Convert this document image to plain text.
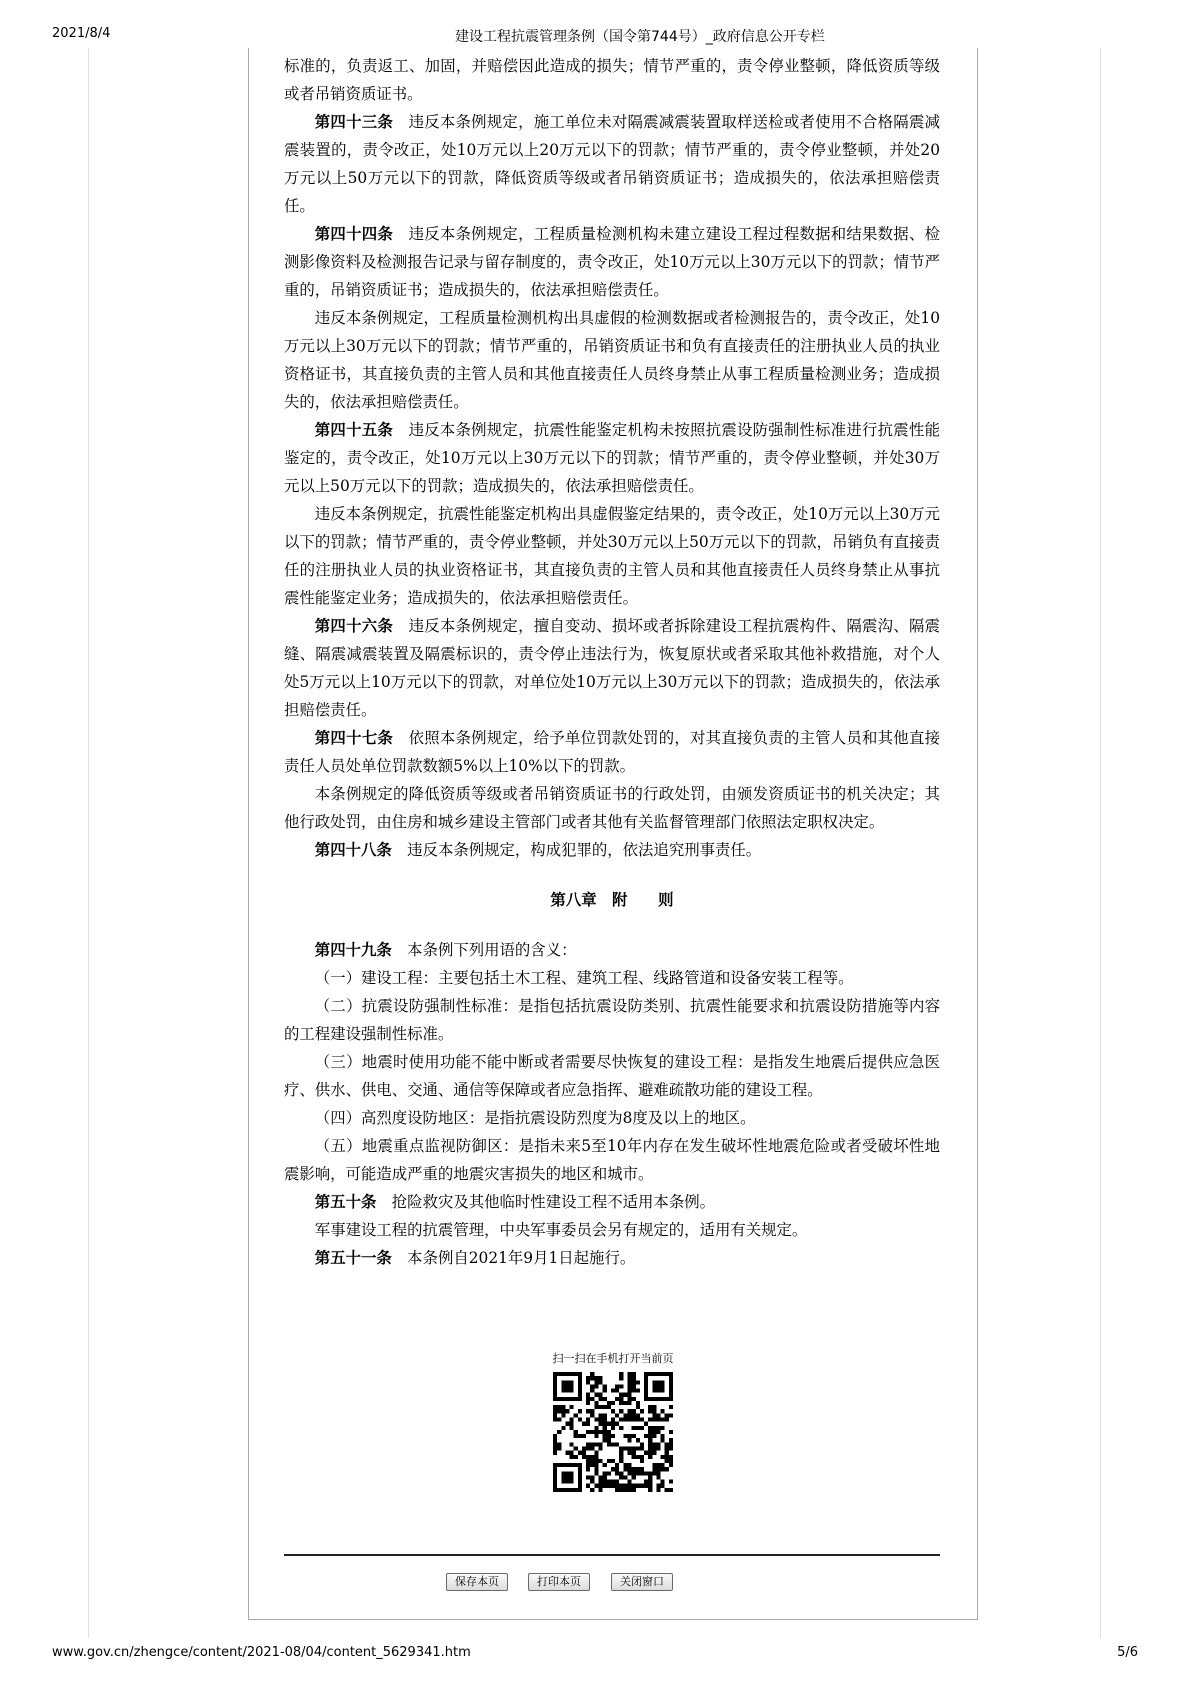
2021/8/4	建设工程抗震管理条例（国令第744号）_政府信息公开专栏

标准的，负责返工、加固，并赔偿因此造成的损失；情节严重的，责令停业整顿，降低资质等级或者吊销资质证书。

第四十三条　 违反本条例规定，施工单位未对隔震减震装置取样送检或者使用不合格隔震减震装置的，责令改正，处10万元以上20万元以下的罚款；情节严重的，责令停业整顿，并处20万元以上50万元以下的罚款，降低资质等级或者吊销资质证书；造成损失的，依法承担赔偿责任。

第四十四条　 违反本条例规定，工程质量检测机构未建立建设工程过程数据和结果数据、检测影像资料及检测报告记录与留存制度的，责令改正，处10万元以上30万元以下的罚款；情节严重的，吊销资质证书；造成损失的，依法承担赔偿责任。

违反本条例规定，工程质量检测机构出具虚假的检测数据或者检测报告的，责令改正，处10万元以上30万元以下的罚款；情节严重的，吊销资质证书和负有直接责任的注册执业人员的执业资格证书，其直接负责的主管人员和其他直接责任人员终身禁止从事工程质量检测业务；造成损失的，依法承担赔偿责任。

第四十五条　 违反本条例规定，抗震性能鉴定机构未按照抗震设防强制性标准进行抗震性能鉴定的，责令改正，处10万元以上30万元以下的罚款；情节严重的，责令停业整顿，并处30万元以上50万元以下的罚款；造成损失的，依法承担赔偿责任。

违反本条例规定，抗震性能鉴定机构出具虚假鉴定结果的，责令改正，处10万元以上30万元以下的罚款；情节严重的，责令停业整顿，并处30万元以上50万元以下的罚款，吊销负有直接责任的注册执业人员的执业资格证书，其直接负责的主管人员和其他直接责任人员终身禁止从事抗震性能鉴定业务；造成损失的，依法承担赔偿责任。

第四十六条　 违反本条例规定，擅自变动、损坏或者拆除建设工程抗震构件、隔震沟、隔震缝、隔震减震装置及隔震标识的，责令停止违法行为，恢复原状或者采取其他补救措施，对个人处5万元以上10万元以下的罚款，对单位处10万元以上30万元以下的罚款；造成损失的，依法承担赔偿责任。

第四十七条　 依照本条例规定，给予单位罚款处罚的，对其直接负责的主管人员和其他直接责任人员处单位罚款数额5%以上10%以下的罚款。

本条例规定的降低资质等级或者吊销资质证书的行政处罚，由颁发资质证书的机关决定；其他行政处罚，由住房和城乡建设主管部门或者其他有关监督管理部门依照法定职权决定。

第四十八条　 违反本条例规定，构成犯罪的，依法追究刑事责任。

第八章　附　　则

第四十九条　 本条例下列用语的含义：

（一）建设工程：主要包括土木工程、建筑工程、线路管道和设备安装工程等。

（二）抗震设防强制性标准：是指包括抗震设防类别、抗震性能要求和抗震设防措施等内容的工程建设强制性标准。

（三）地震时使用功能不能中断或者需要尽快恢复的建设工程：是指发生地震后提供应急医疗、供水、供电、交通、通信等保障或者应急指挥、避难疏散功能的建设工程。

（四）高烈度设防地区：是指抗震设防烈度为8度及以上的地区。

（五）地震重点监视防御区：是指未来5至10年内存在发生破坏性地震危险或者受破坏性地震影响，可能造成严重的地震灾害损失的地区和城市。

第五十条　 抢险救灾及其他临时性建设工程不适用本条例。

军事建设工程的抗震管理，中央军事委员会另有规定的，适用有关规定。

第五十一条　 本条例自2021年9月1日起施行。

扫一扫在手机打开当前页
保存本页	打印本页	关闭窗口
www.gov.cn/zhengce/content/2021-08/04/content_5629341.htm	5/6
